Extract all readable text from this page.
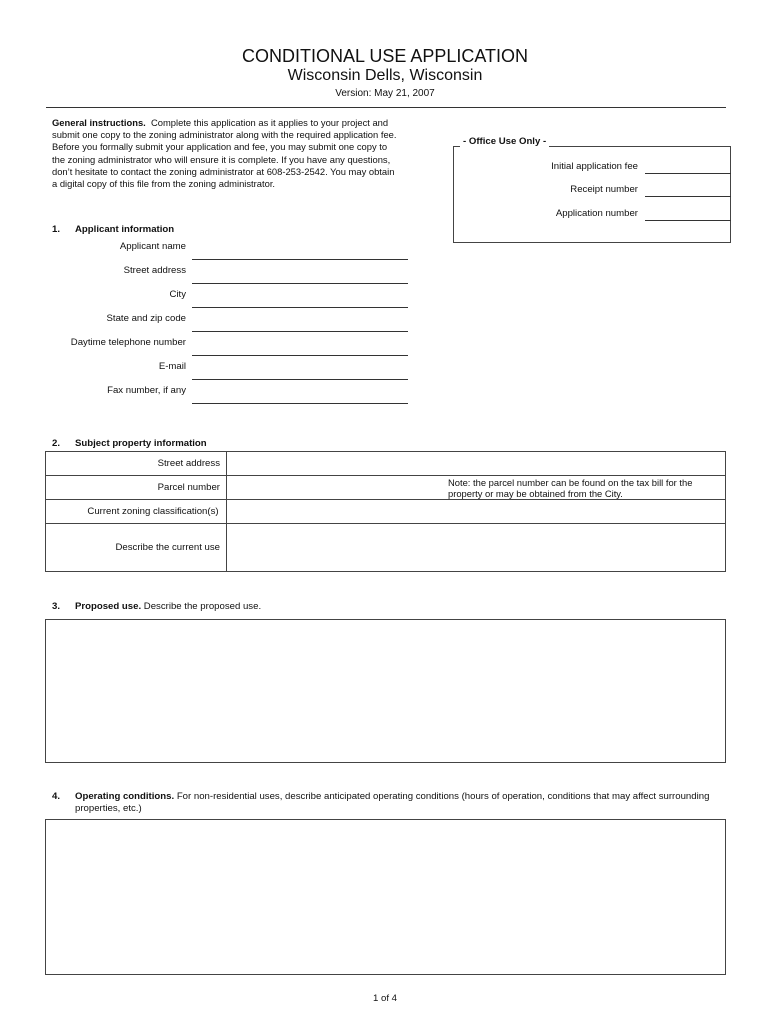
CONDITIONAL USE APPLICATION
Wisconsin Dells, Wisconsin
Version: May 21, 2007
General instructions. Complete this application as it applies to your project and submit one copy to the zoning administrator along with the required application fee. Before you formally submit your application and fee, you may submit one copy to the zoning administrator who will ensure it is complete. If you have any questions, don’t hesitate to contact the zoning administrator at 608-253-2542. You may obtain a digital copy of this file from the zoning administrator.
- Office Use Only -
Initial application fee
Receipt number
Application number
1. Applicant information
Applicant name
Street address
City
State and zip code
Daytime telephone number
E-mail
Fax number, if any
2. Subject property information
Street address	
Parcel number	Note: the parcel number can be found on the tax bill for the property or may be obtained from the City.

Current zoning classification(s)	
Describe the current use	
3. Proposed use. Describe the proposed use.
4. Operating conditions. For non-residential uses, describe anticipated operating conditions (hours of operation, conditions that may affect surrounding properties, etc.)
1 of 4
